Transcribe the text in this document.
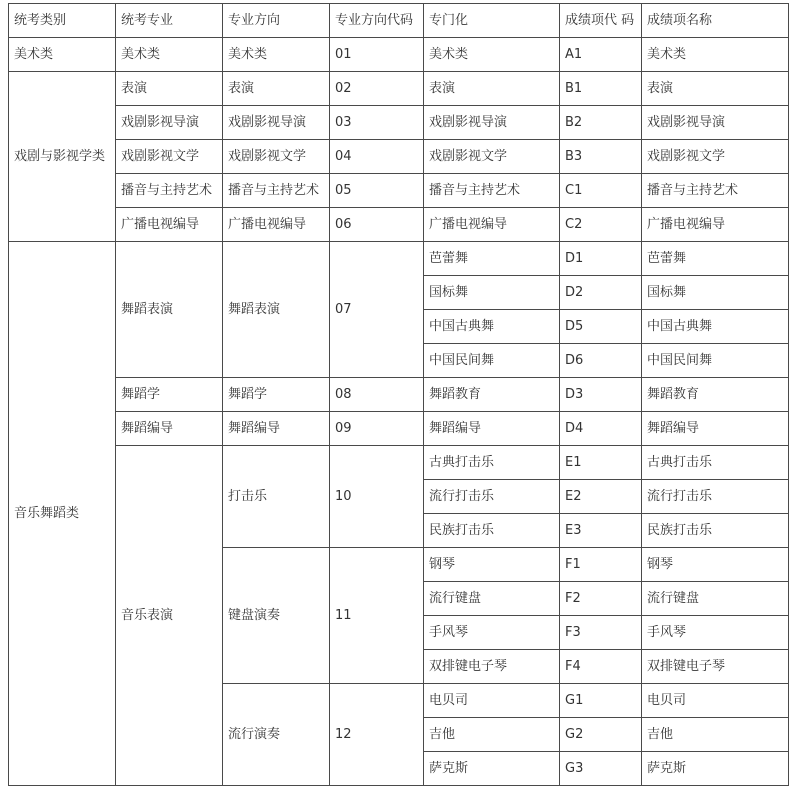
统考类别	统考专业	专业方向	专业方向代码	专门化	成绩项代 码	成绩项名称
美术类	美术类	美术类	01	美术类	A1	美术类
戏剧与影视学类	表演	表演	02	表演	B1	表演
	戏剧影视导演	戏剧影视导演	03	戏剧影视导演	B2	戏剧影视导演
	戏剧影视文学	戏剧影视文学	04	戏剧影视文学	B3	戏剧影视文学
	播音与主持艺术	播音与主持艺术	05	播音与主持艺术	C1	播音与主持艺术
	广播电视编导	广播电视编导	06	广播电视编导	C2	广播电视编导
音乐舞蹈类	舞蹈表演	舞蹈表演	07	芭蕾舞	D1	芭蕾舞
				国标舞	D2	国标舞
				中国古典舞	D5	中国古典舞
				中国民间舞	D6	中国民间舞
	舞蹈学	舞蹈学	08	舞蹈教育	D3	舞蹈教育
	舞蹈编导	舞蹈编导	09	舞蹈编导	D4	舞蹈编导
	音乐表演	打击乐	10	古典打击乐	E1	古典打击乐
				流行打击乐	E2	流行打击乐
				民族打击乐	E3	民族打击乐
		键盘演奏	11	钢琴	F1	钢琴
				流行键盘	F2	流行键盘
				手风琴	F3	手风琴
				双排键电子琴	F4	双排键电子琴
		流行演奏	12	电贝司	G1	电贝司
				吉他	G2	吉他
				萨克斯	G3	萨克斯
